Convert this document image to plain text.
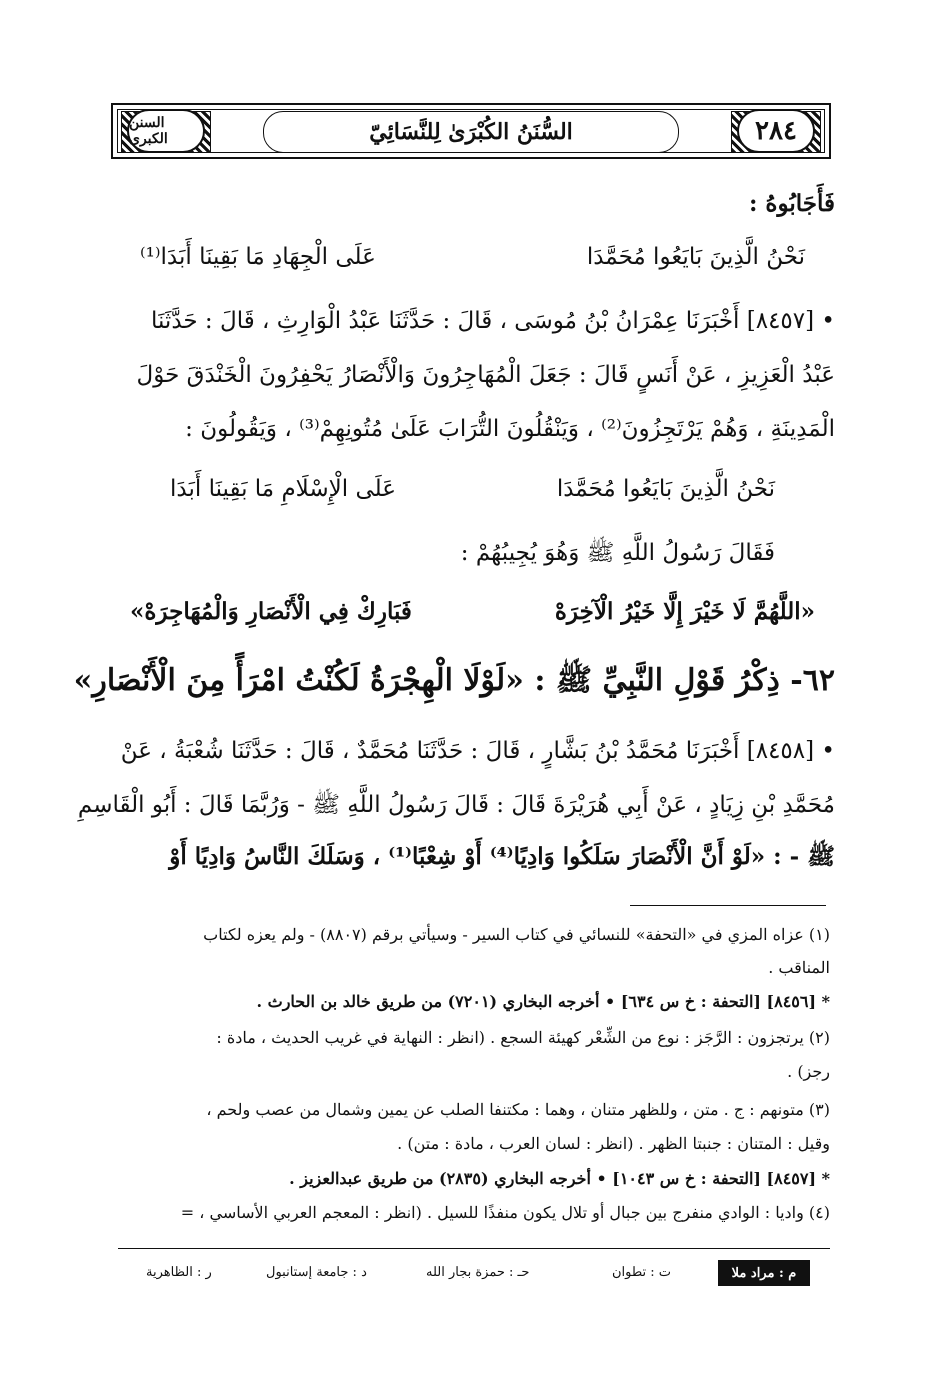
السنن الكبرى	السُّنَنُ الكُبْرَىٰ لِلنَّسَائِيّ	٢٨٤
فَأَجَابُوهُ :
نَحْنُ الَّذِينَ بَايَعُوا مُحَمَّدَا
عَلَى الْجِهَادِ مَا بَقِينَا أَبَدَا⁽¹⁾
• [٨٤٥٧] أَخْبَرَنَا عِمْرَانُ بْنُ مُوسَى ، قَالَ : حَدَّثَنَا عَبْدُ الْوَارِثِ ، قَالَ : حَدَّثَنَا
عَبْدُ الْعَزِيزِ ، عَنْ أَنَسٍ قَالَ : جَعَلَ الْمُهَاجِرُونَ وَالْأَنْصَارُ يَحْفِرُونَ الْخَنْدَقَ حَوْلَ
الْمَدِينَةِ ، وَهُمْ يَرْتَجِزُونَ⁽²⁾ ، وَيَنْقُلُونَ التُّرَابَ عَلَىٰ مُتُونِهِمْ⁽³⁾ ، وَيَقُولُونَ :
نَحْنُ الَّذِينَ بَايَعُوا مُحَمَّدَا
عَلَى الْإِسْلَامِ مَا بَقِينَا أَبَدَا
فَقَالَ رَسُولُ اللَّهِ ﷺ وَهُوَ يُجِيبُهُمْ :
«اللَّهُمَّ لَا خَيْرَ إِلَّا خَيْرُ الْآخِرَهْ
فَبَارِكْ فِي الْأَنْصَارِ وَالْمُهَاجِرَهْ»
٦٢- ذِكْرُ قَوْلِ النَّبِيِّ ﷺ : «لَوْلَا الْهِجْرَةُ لَكُنْتُ امْرَأً مِنَ الْأَنْصَارِ»
• [٨٤٥٨] أَخْبَرَنَا مُحَمَّدُ بْنُ بَشَّارٍ ، قَالَ : حَدَّثَنَا مُحَمَّدٌ ، قَالَ : حَدَّثَنَا شُعْبَةُ ، عَنْ
مُحَمَّدِ بْنِ زِيَادٍ ، عَنْ أَبِي هُرَيْرَةَ قَالَ : قَالَ رَسُولُ اللَّهِ ﷺ - وَرُبَّمَا قَالَ : أَبُو الْقَاسِمِ
ﷺ - : «لَوْ أَنَّ الْأَنْصَارَ سَلَكُوا وَادِيًا⁽⁴⁾ أَوْ شِعْبًا⁽¹⁾ ، وَسَلَكَ النَّاسُ وَادِيًا أَوْ
(١) عزاه المزي في «التحفة» للنسائي في كتاب السير - وسيأتي برقم (٨٨٠٧) - ولم يعزه لكتاب
المناقب .
* [٨٤٥٦] [التحفة : خ س ٦٣٤] • أخرجه البخاري (٧٢٠١) من طريق خالد بن الحارث .
(٢) يرتجزون : الرَّجَز : نوع من الشِّعْر كهيئة السجع . (انظر : النهاية في غريب الحديث ، مادة :
رجز) .
(٣) متونهم : ج . متن ، وللظهر متنان ، وهما : مكتنفا الصلب عن يمين وشمال من عصب ولحم ،
وقيل : المتنان : جنبتا الظهر . (انظر : لسان العرب ، مادة : متن) .
* [٨٤٥٧] [التحفة : خ س ١٠٤٣] • أخرجه البخاري (٢٨٣٥) من طريق عبدالعزيز .
(٤) واديا : الوادي منفرج بين جبال أو تلال يكون منفذًا للسيل . (انظر : المعجم العربي الأساسي ، =
م : مراد ملا
ت : تطوان
حـ : حمزة بجار الله
د : جامعة إستانبول
ر : الظاهرية
